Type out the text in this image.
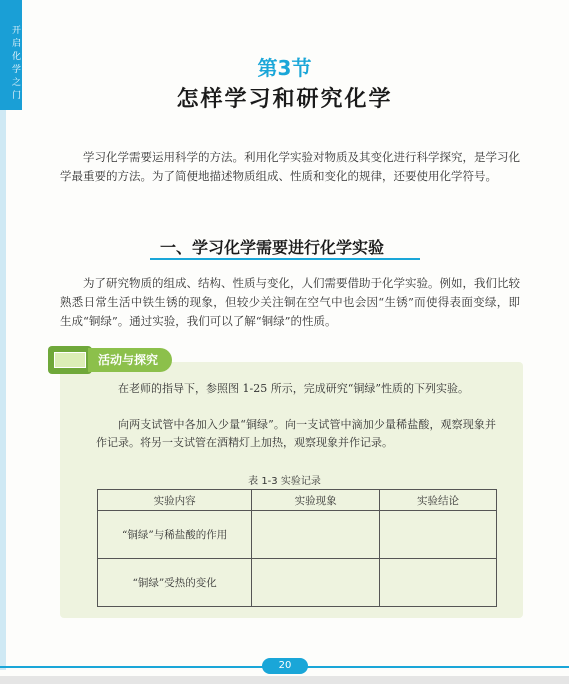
开启化学之门	第3节
怎样学习和研究化学
学习化学需要运用科学的方法。利用化学实验对物质及其变化进行科学探究，是学习化学最重要的方法。为了简便地描述物质组成、性质和变化的规律，还要使用化学符号。
一、学习化学需要进行化学实验
为了研究物质的组成、结构、性质与变化，人们需要借助于化学实验。例如，我们比较熟悉日常生活中铁生锈的现象，但较少关注铜在空气中也会因“生锈”而使得表面变绿，即生成“铜绿”。通过实验，我们可以了解“铜绿”的性质。
活动与探究
在老师的指导下，参照图 1-25 所示，完成研究“铜绿”性质的下列实验。
向两支试管中各加入少量“铜绿”。向一支试管中滴加少量稀盐酸，观察现象并作记录。将另一支试管在酒精灯上加热，观察现象并作记录。
表 1-3 实验记录
实验内容	实验现象	实验结论
“铜绿”与稀盐酸的作用		
“铜绿”受热的变化		
20
